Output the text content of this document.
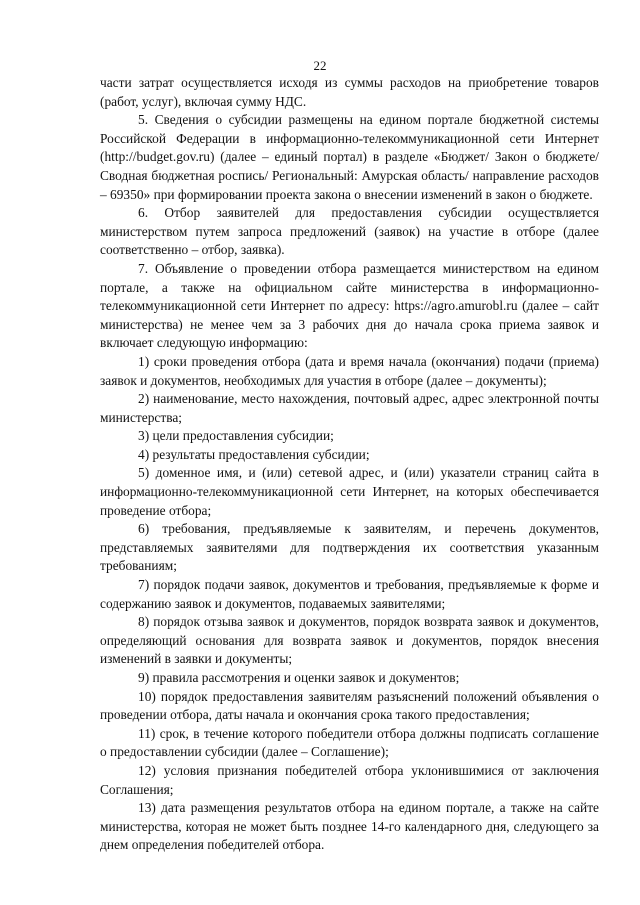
22

части затрат осуществляется исходя из суммы расходов на приобретение товаров (работ, услуг), включая сумму НДС.

5. Сведения о субсидии размещены на едином портале бюджетной системы Российской Федерации в информационно-телекоммуникационной сети Интернет (http://budget.gov.ru) (далее – единый портал) в разделе «Бюджет/ Закон о бюджете/ Сводная бюджетная роспись/ Региональный: Амурская область/ направление расходов – 69350» при формировании проекта закона о внесении изменений в закон о бюджете.

6. Отбор заявителей для предоставления субсидии осуществляется министерством путем запроса предложений (заявок) на участие в отборе (далее соответственно – отбор, заявка).

7. Объявление о проведении отбора размещается министерством на едином портале, а также на официальном сайте министерства в информационно-телекоммуникационной сети Интернет по адресу: https://agro.amurobl.ru (далее – сайт министерства) не менее чем за 3 рабочих дня до начала срока приема заявок и включает следующую информацию:

1) сроки проведения отбора (дата и время начала (окончания) подачи (приема) заявок и документов, необходимых для участия в отборе (далее – документы);

2) наименование, место нахождения, почтовый адрес, адрес электронной почты министерства;

3) цели предоставления субсидии;

4) результаты предоставления субсидии;

5) доменное имя, и (или) сетевой адрес, и (или) указатели страниц сайта в информационно-телекоммуникационной сети Интернет, на которых обеспечивается проведение отбора;

6) требования, предъявляемые к заявителям, и перечень документов, представляемых заявителями для подтверждения их соответствия указанным требованиям;

7) порядок подачи заявок, документов и требования, предъявляемые к форме и содержанию заявок и документов, подаваемых заявителями;

8) порядок отзыва заявок и документов, порядок возврата заявок и документов, определяющий основания для возврата заявок и документов, порядок внесения изменений в заявки и документы;

9) правила рассмотрения и оценки заявок и документов;

10) порядок предоставления заявителям разъяснений положений объявления о проведении отбора, даты начала и окончания срока такого предоставления;

11) срок, в течение которого победители отбора должны подписать соглашение о предоставлении субсидии (далее – Соглашение);

12) условия признания победителей отбора уклонившимися от заключения Соглашения;

13) дата размещения результатов отбора на едином портале, а также на сайте министерства, которая не может быть позднее 14-го календарного дня, следующего за днем определения победителей отбора.
